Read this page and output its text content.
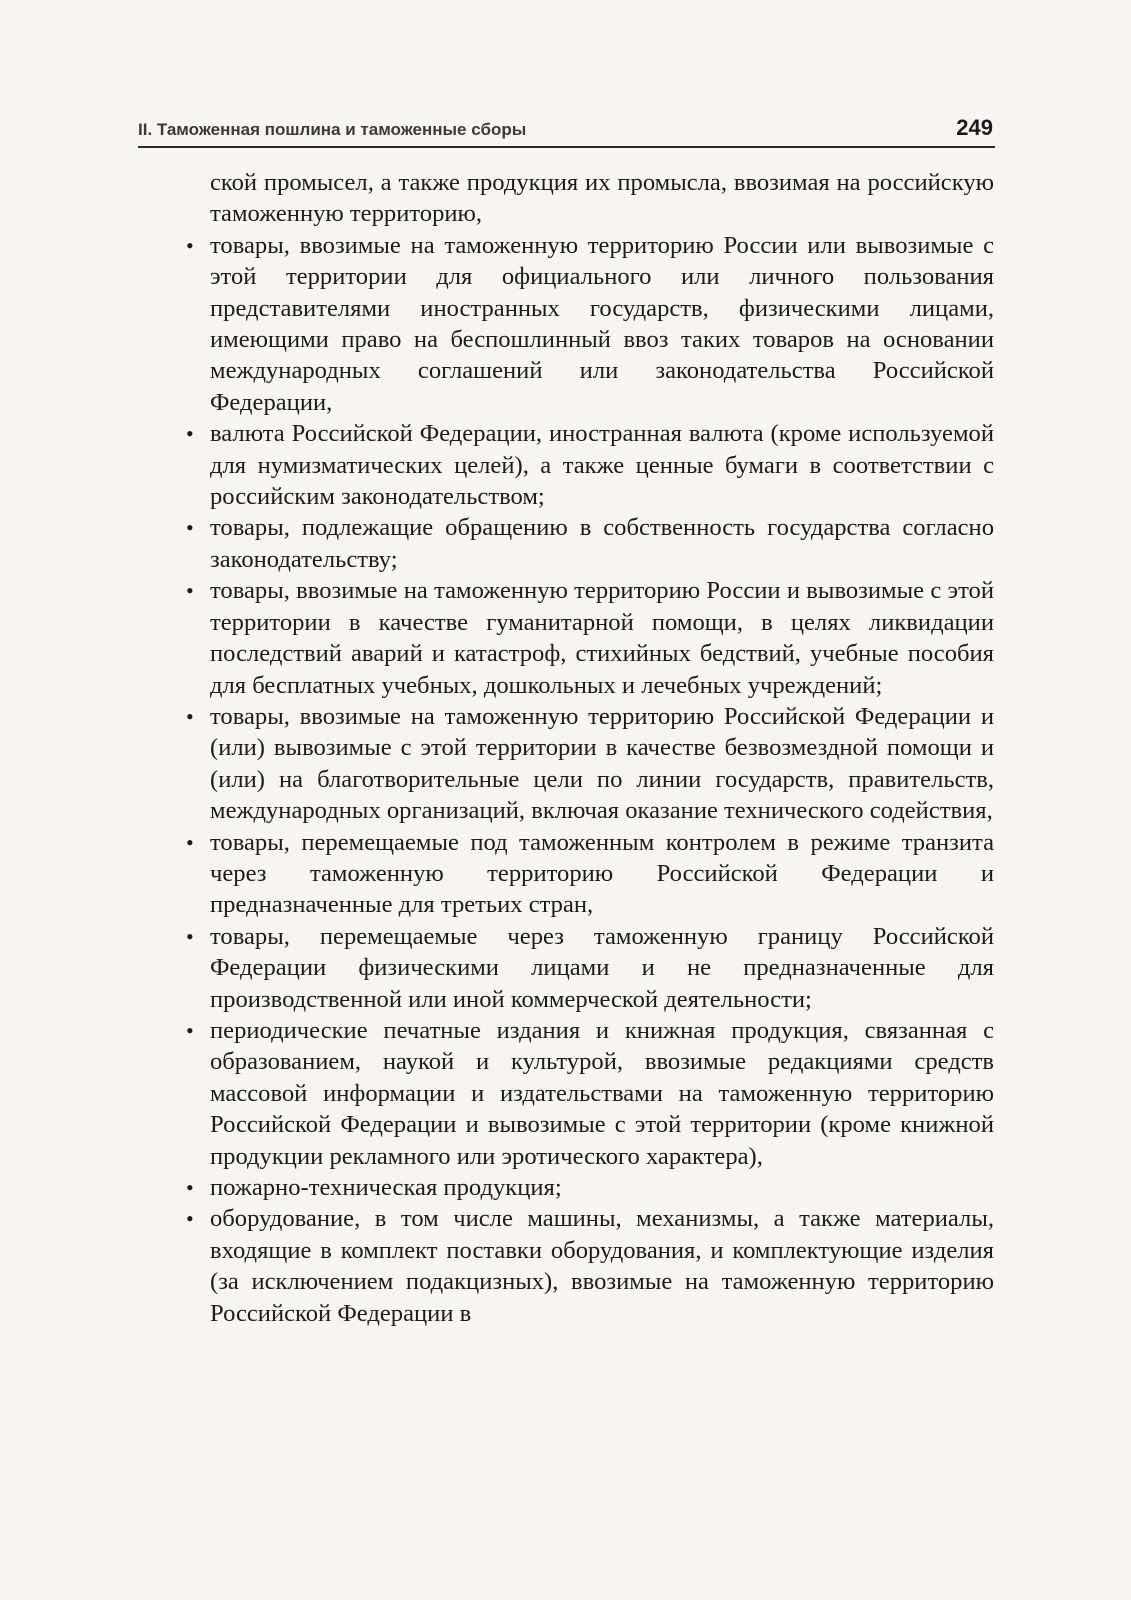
II. Таможенная пошлина и таможенные сборы	249

ской промысел, а также продукция их промысла, ввозимая на российскую таможенную территорию,

• товары, ввозимые на таможенную территорию России или вывозимые с этой территории для официального или личного пользования представителями иностранных государств, физическими лицами, имеющими право на беспошлинный ввоз таких товаров на основании международных соглашений или законодательства Российской Федерации,
• валюта Российской Федерации, иностранная валюта (кроме используемой для нумизматических целей), а также ценные бумаги в соответствии с российским законодательством;
• товары, подлежащие обращению в собственность государства согласно законодательству;
• товары, ввозимые на таможенную территорию России и вывозимые с этой территории в качестве гуманитарной помощи, в целях ликвидации последствий аварий и катастроф, стихийных бедствий, учебные пособия для бесплатных учебных, дошкольных и лечебных учреждений;
• товары, ввозимые на таможенную территорию Российской Федерации и (или) вывозимые с этой территории в качестве безвозмездной помощи и (или) на благотворительные цели по линии государств, правительств, международных организаций, включая оказание технического содействия,
• товары, перемещаемые под таможенным контролем в режиме транзита через таможенную территорию Российской Федерации и предназначенные для третьих стран,
• товары, перемещаемые через таможенную границу Российской Федерации физическими лицами и не предназначенные для производственной или иной коммерческой деятельности;
• периодические печатные издания и книжная продукция, связанная с образованием, наукой и культурой, ввозимые редакциями средств массовой информации и издательствами на таможенную территорию Российской Федерации и вывозимые с этой территории (кроме книжной продукции рекламного или эротического характера),
• пожарно-техническая продукция;
• оборудование, в том числе машины, механизмы, а также материалы, входящие в комплект поставки оборудования, и комплектующие изделия (за исключением подакцизных), ввозимые на таможенную территорию Российской Федерации в
